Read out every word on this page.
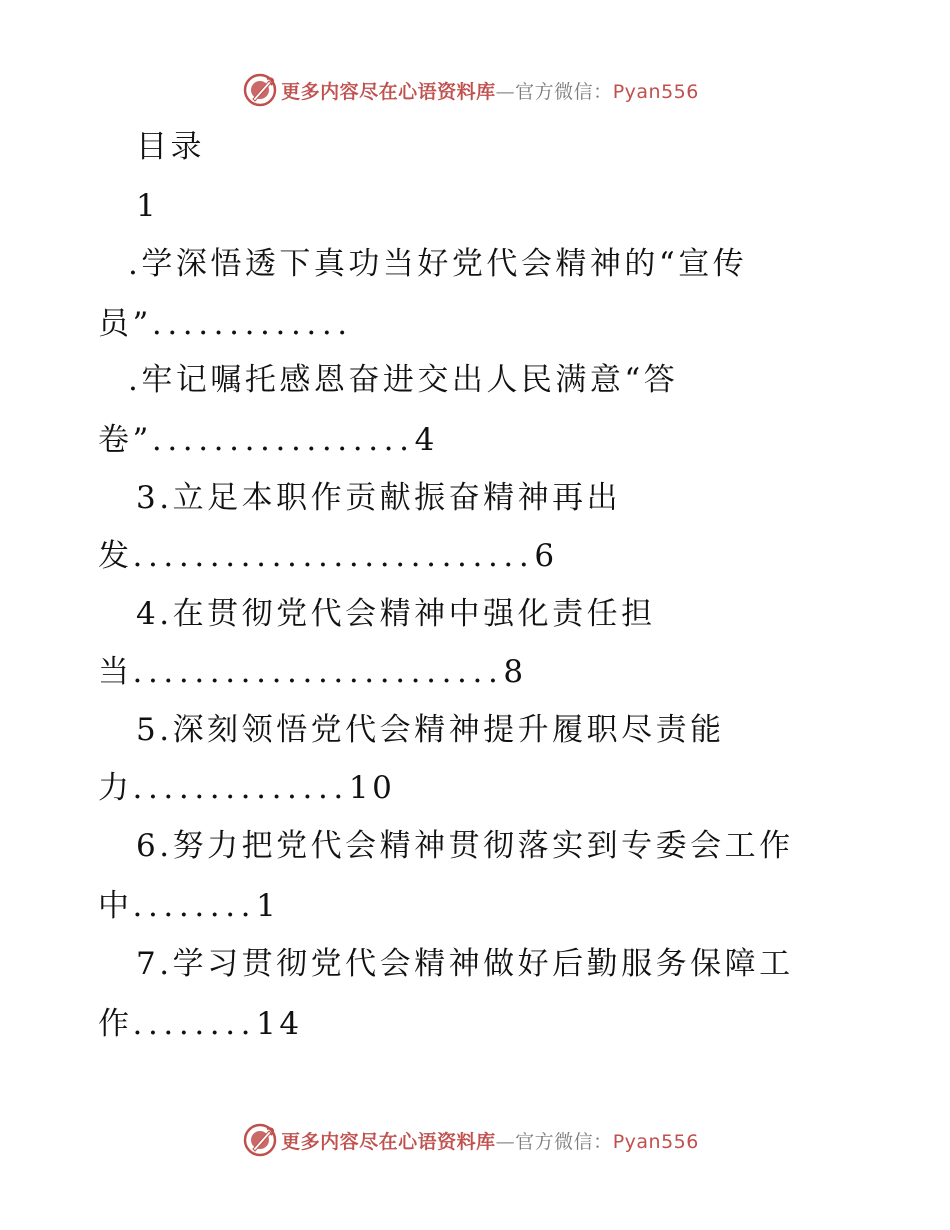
更多内容尽在心语资料库—官方微信：Pyan556
目录
1
.学深悟透下真功当好党代会精神的“宣传
员”.............
.牢记嘱托感恩奋进交出人民满意“答
卷”.................4
3.立足本职作贡献振奋精神再出
发..........................6
4.在贯彻党代会精神中强化责任担
当........................8
5.深刻领悟党代会精神提升履职尽责能
力..............10
6.努力把党代会精神贯彻落实到专委会工作
中........1
7.学习贯彻党代会精神做好后勤服务保障工
作........14
更多内容尽在心语资料库—官方微信：Pyan556
